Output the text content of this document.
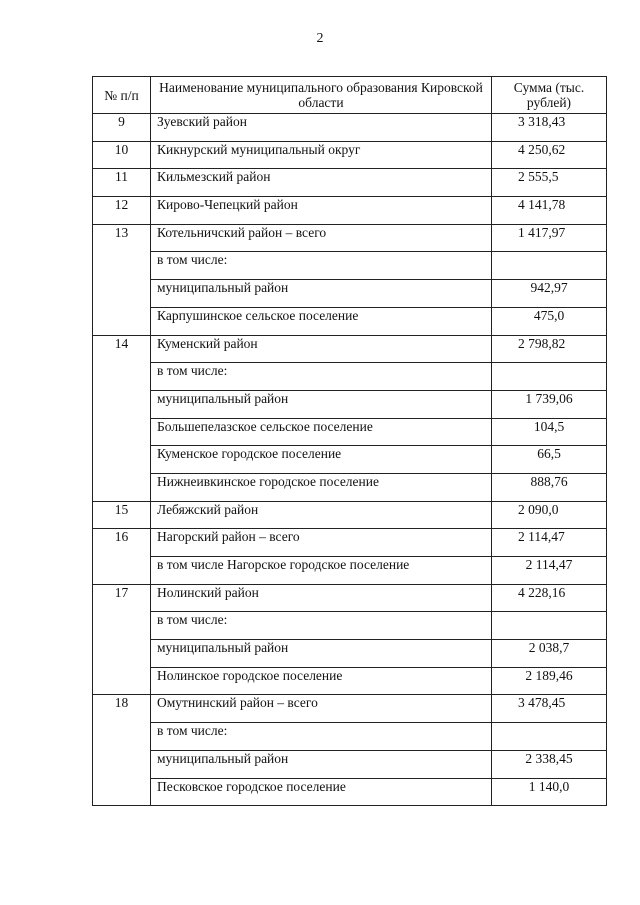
2
№ п/п	Наименование муниципального образования Кировской области	Сумма (тыс. рублей)
9	Зуевский район	3 318,43
10	Кикнурский муниципальный округ	4 250,62
11	Кильмезский район	2 555,5
12	Кирово-Чепецкий район	4 141,78
13	Котельничский район – всего	1 417,97
	в том числе:	
	муниципальный район	942,97
	Карпушинское сельское поселение	475,0
14	Куменский район	2 798,82
	в том числе:	
	муниципальный район	1 739,06
	Большепелазское сельское поселение	104,5
	Куменское городское поселение	66,5
	Нижнеивкинское городское поселение	888,76
15	Лебяжский район	2 090,0
16	Нагорский район – всего	2 114,47
	в том числе Нагорское городское поселение	2 114,47
17	Нолинский район	4 228,16
	в том числе:	
	муниципальный район	2 038,7
	Нолинское городское поселение	2 189,46
18	Омутнинский район – всего	3 478,45
	в том числе:	
	муниципальный район	2 338,45
	Песковское городское поселение	1 140,0
